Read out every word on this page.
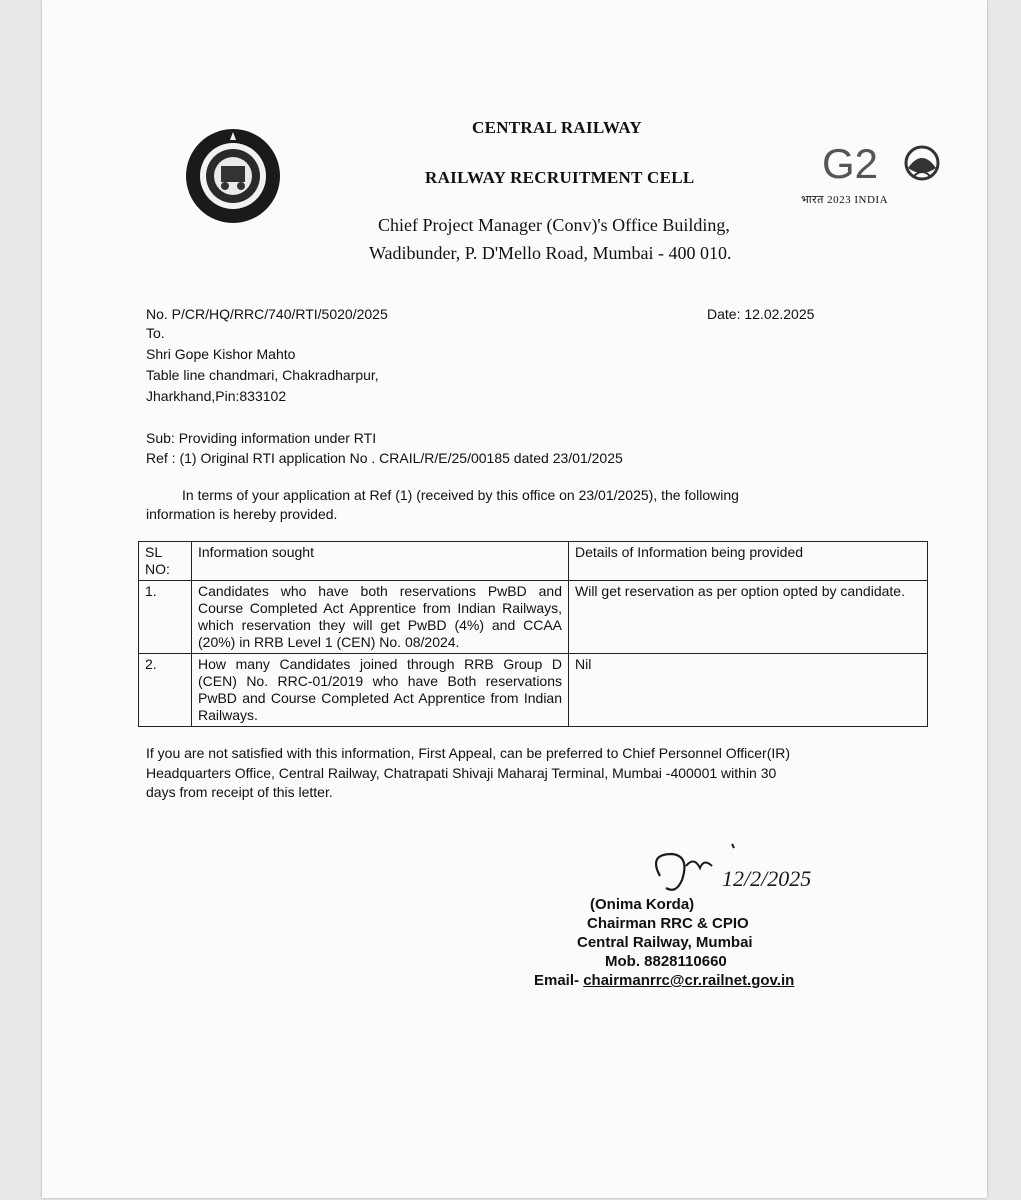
G2
भारत 2023 INDIA
CENTRAL RAILWAY
RAILWAY RECRUITMENT CELL
Chief Project Manager (Conv)'s Office Building,
Wadibunder, P. D'Mello Road, Mumbai - 400 010.
No. P/CR/HQ/RRC/740/RTI/5020/2025	Date: 12.02.2025
To.
Shri Gope Kishor Mahto
Table line chandmari, Chakradharpur,
Jharkhand,Pin:833102
Sub: Providing information under RTI
Ref : (1) Original RTI application No . CRAIL/R/E/25/00185 dated 23/01/2025
In terms of your application at Ref (1) (received by this office on 23/01/2025), the following
information is hereby provided.
If you are not satisfied with this information, First Appeal, can be preferred to Chief Personnel Officer(IR)
Headquarters Office, Central Railway, Chatrapati Shivaji Maharaj Terminal, Mumbai -400001 within 30
days from receipt of this letter.
12/2/2025
(Onima Korda)
Chairman RRC & CPIO
Central Railway, Mumbai
Mob. 8828110660
Email- chairmanrrc@cr.railnet.gov.in
SL NO:	Information sought	Details of Information being provided
1.	Candidates who have both reservations PwBD and Course Completed Act Apprentice from Indian Railways, which reservation they will get PwBD (4%) and CCAA (20%) in RRB Level 1 (CEN) No. 08/2024.	Will get reservation as per option opted by candidate.
2.	How many Candidates joined through RRB Group D (CEN) No. RRC-01/2019 who have Both reservations PwBD and Course Completed Act Apprentice from Indian Railways.	Nil
